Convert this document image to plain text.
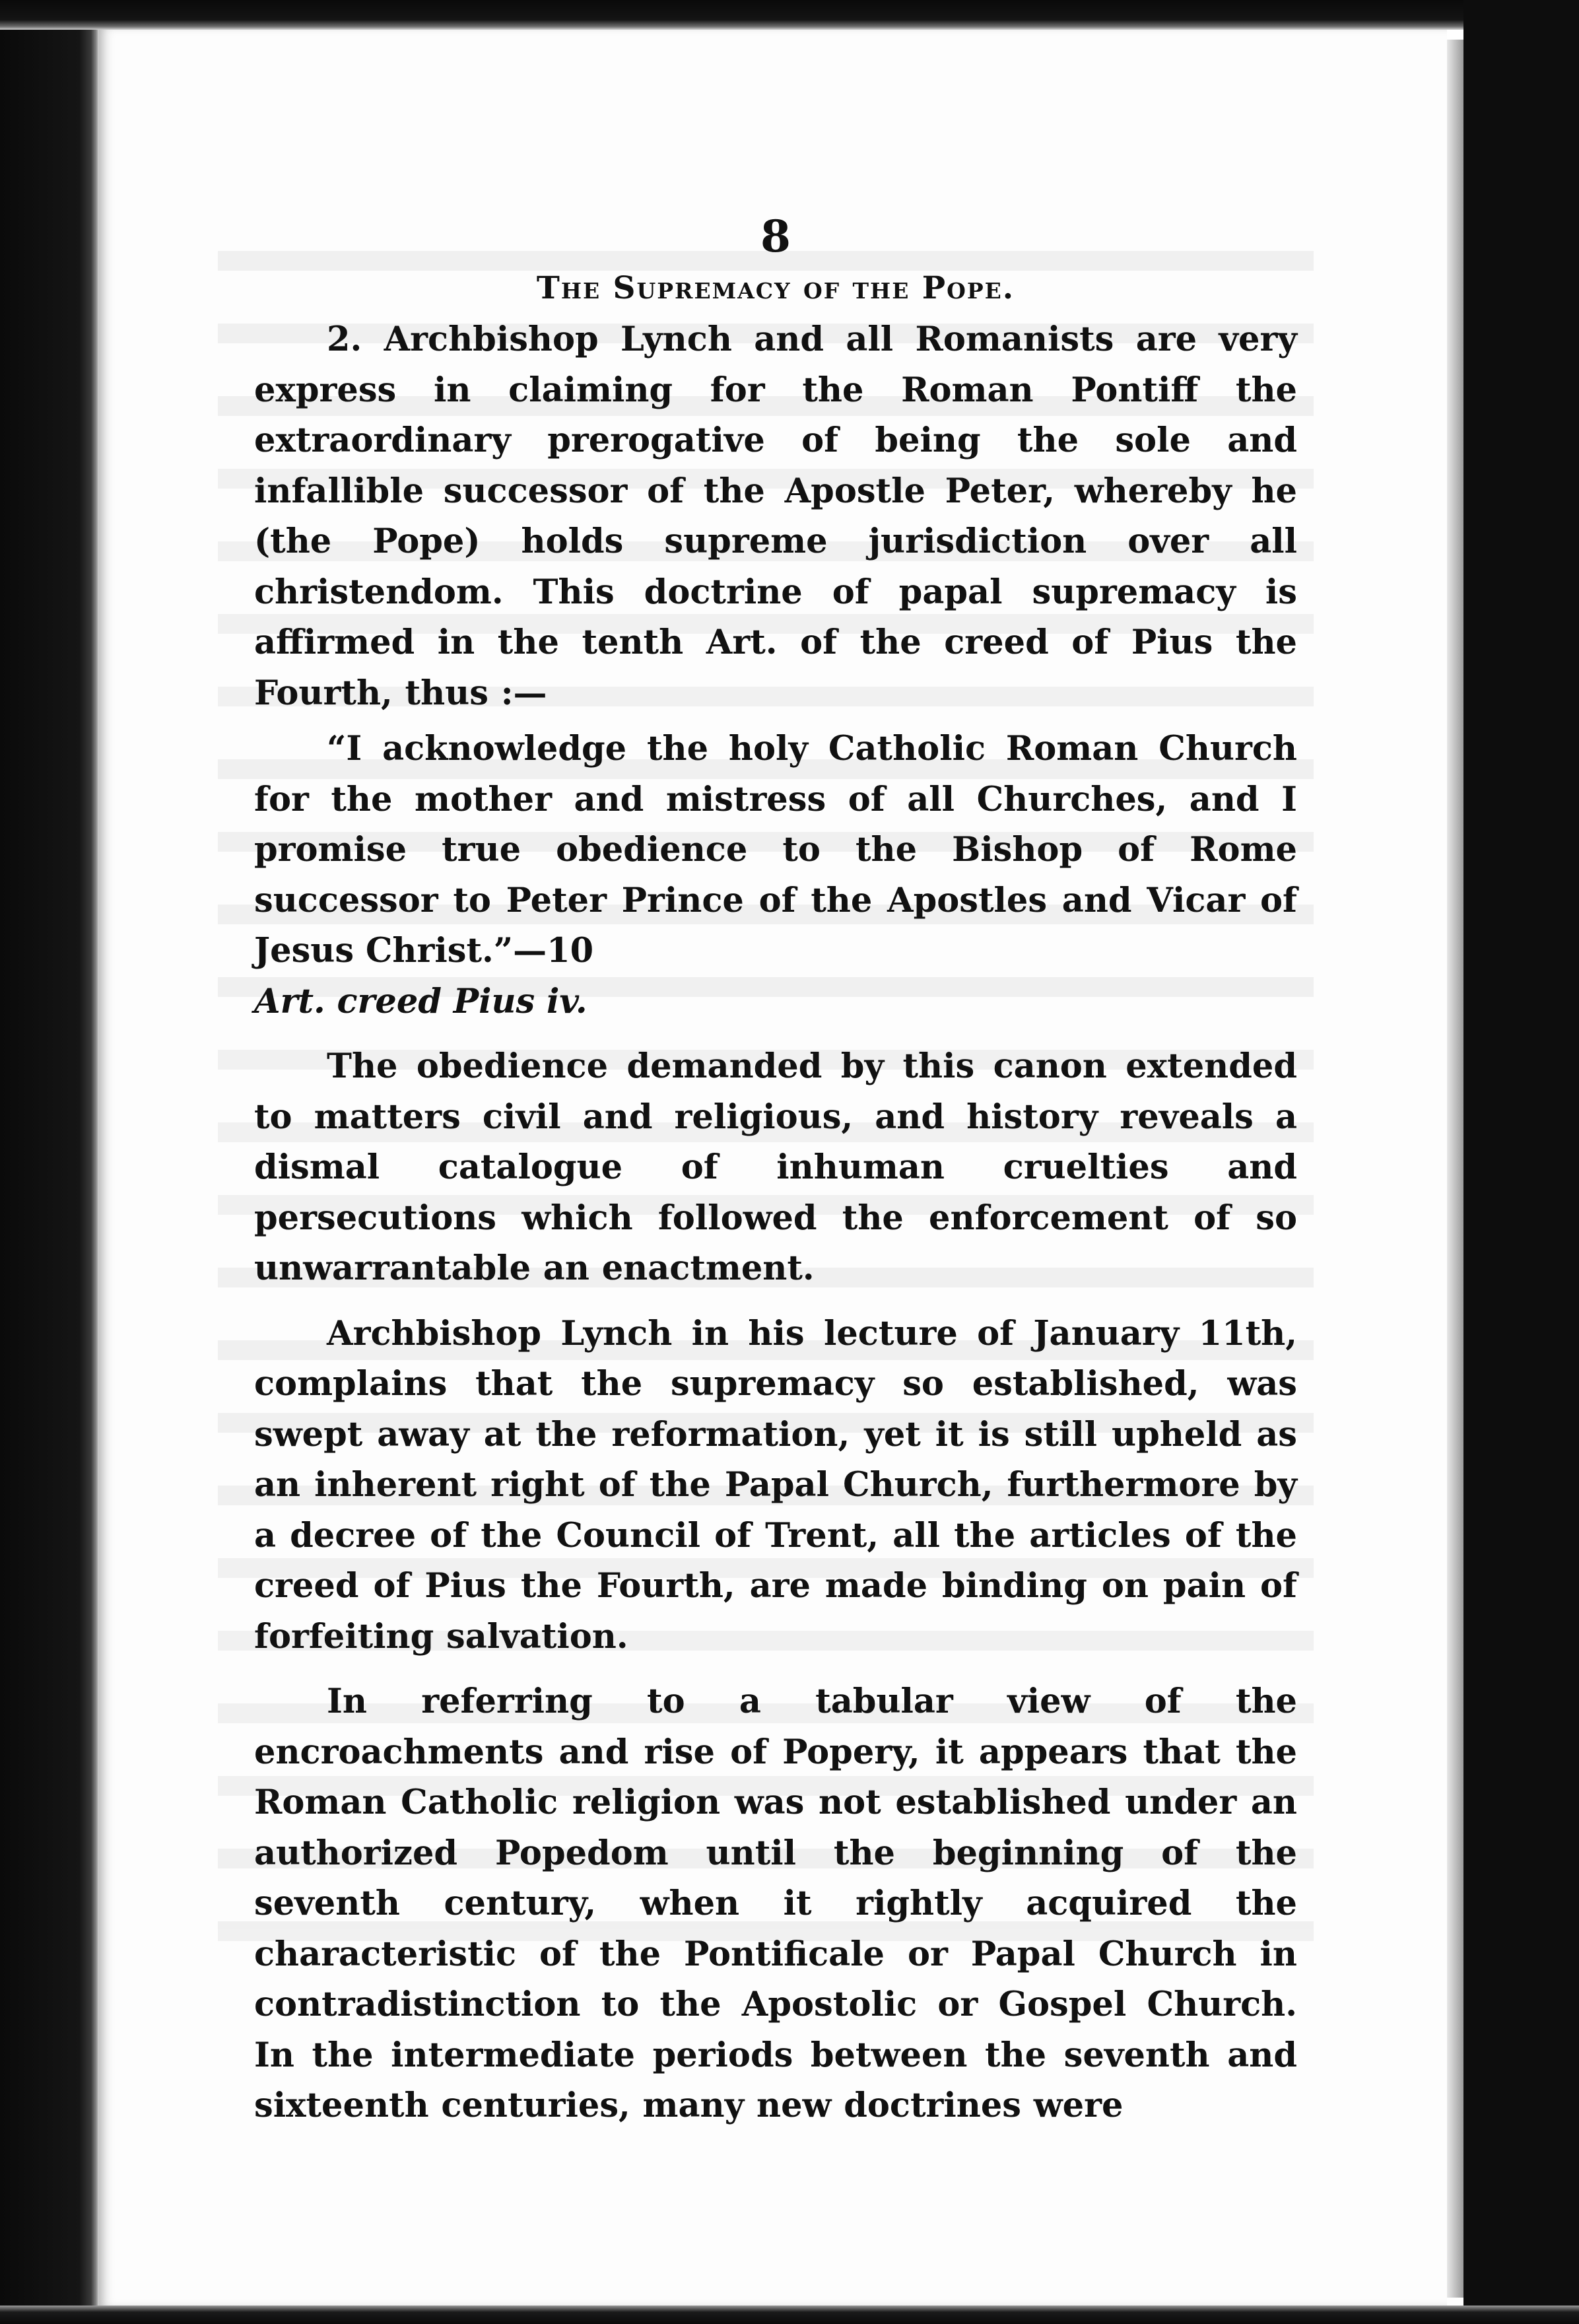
8
The Supremacy of the Pope.

2. Archbishop Lynch and all Romanists are very express in claiming for the Roman Pontiff the extraordinary prerogative of being the sole and infallible successor of the Apostle Peter, whereby he (the Pope) holds supreme jurisdiction over all christendom. This doctrine of papal supremacy is affirmed in the tenth Art. of the creed of Pius the Fourth, thus :—

“I acknowledge the holy Catholic Roman Church for the mother and mistress of all Churches, and I promise true obedience to the Bishop of Rome successor to Peter Prince of the Apostles and Vicar of Jesus Christ.”—10

Art. creed Pius iv.

The obedience demanded by this canon extended to matters civil and religious, and history reveals a dismal catalogue of inhuman cruelties and persecutions which followed the enforcement of so unwarrantable an enactment.

Archbishop Lynch in his lecture of January 11th, complains that the supremacy so established, was swept away at the reformation, yet it is still upheld as an inherent right of the Papal Church, furthermore by a decree of the Council of Trent, all the articles of the creed of Pius the Fourth, are made binding on pain of forfeiting salvation.

In referring to a tabular view of the encroachments and rise of Popery, it appears that the Roman Catholic religion was not established under an authorized Popedom until the beginning of the seventh century, when it rightly acquired the characteristic of the Pontificale or Papal Church in contradistinction to the Apostolic or Gospel Church. In the intermediate periods between the seventh and sixteenth centuries, many new doctrines were
